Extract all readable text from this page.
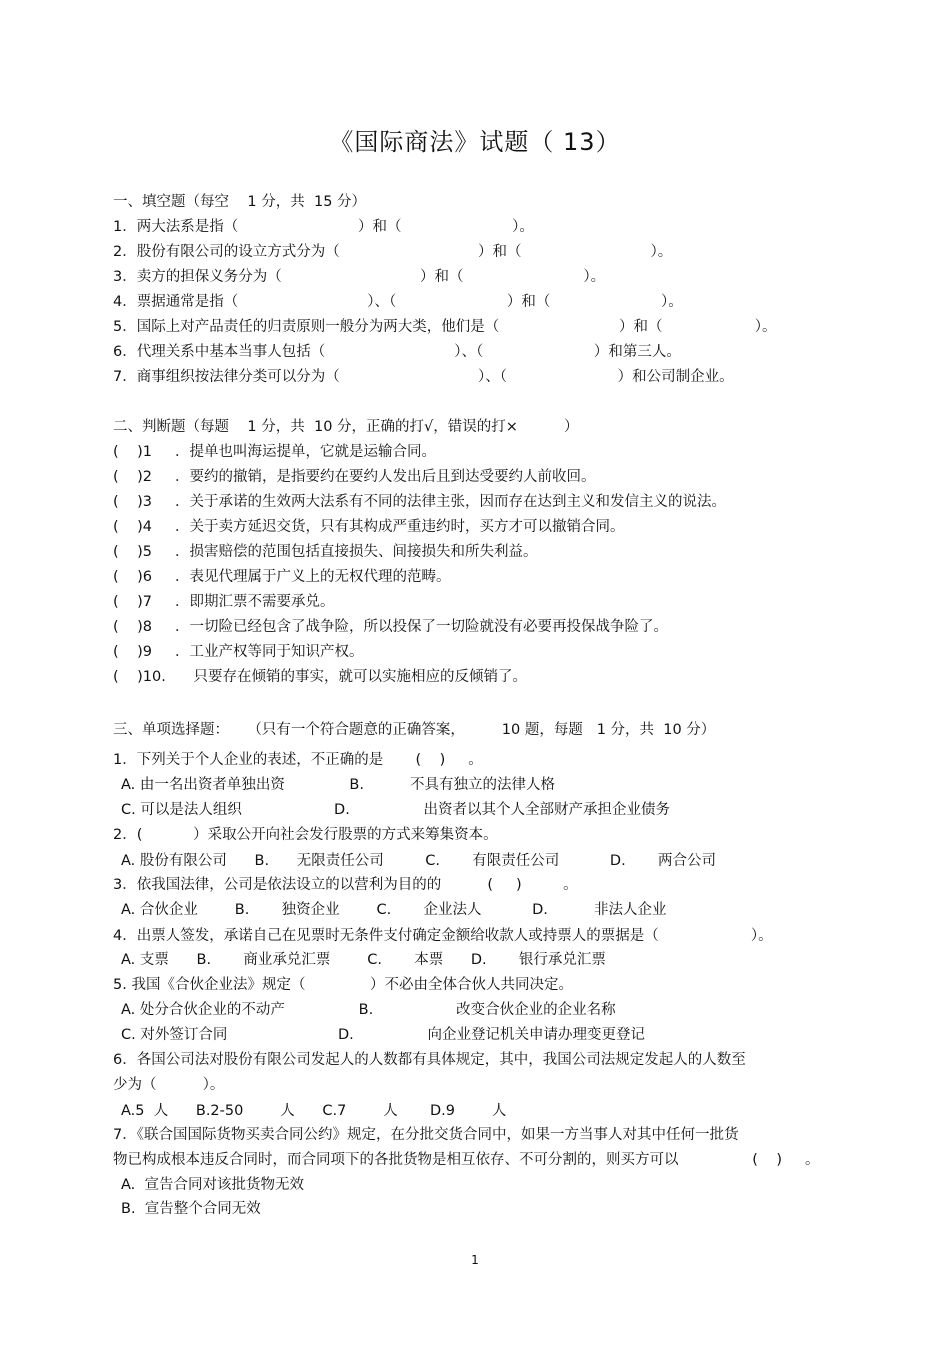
《国际商法》试题（ 13）
一、填空题（每空    1 分，共  15 分）
1．两大法系是指（                          ）和（                        ）。
2．股份有限公司的设立方式分为（                              ）和（                            ）。
3．卖方的担保义务分为（                              ）和（                          ）。
4．票据通常是指（                            ）、（                        ）和（                        ）。
5．国际上对产品责任的归责原则一般分为两大类，他们是（                          ）和（                    ）。
6．代理关系中基本当事人包括（                            ）、（                        ）和第三人。
7．商事组织按法律分类可以分为（                              ）、（                        ）和公司制企业。
二、判断题（每题    1 分，共  10 分，正确的打√，错误的打×          ）
(    )1     ．提单也叫海运提单，它就是运输合同。
(    )2     ．要约的撤销，是指要约在要约人发出后且到达受要约人前收回。
(    )3     ．关于承诺的生效两大法系有不同的法律主张，因而存在达到主义和发信主义的说法。
(    )4     ．关于卖方延迟交货，只有其构成严重违约时，买方才可以撤销合同。
(    )5     ．损害赔偿的范围包括直接损失、间接损失和所失利益。
(    )6     ．表见代理属于广义上的无权代理的范畴。
(    )7     ．即期汇票不需要承兑。
(    )8     ．一切险已经包含了战争险，所以投保了一切险就没有必要再投保战争险了。
(    )9     ．工业产权等同于知识产权。
(    )10.      只要存在倾销的事实，就可以实施相应的反倾销了。
三、单项选择题：    （只有一个符合题意的正确答案，        10 题，每题   1 分，共  10 分）
1．下列关于个人企业的表述，不正确的是       (    )     。
A. 由一名出资者单独出资              B.          不具有独立的法律人格
C. 可以是法人组织                    D.                出资者以其个人全部财产承担企业债务
2．(           ）采取公开向社会发行股票的方式来筹集资本。
A. 股份有限公司      B.      无限责任公司         C.       有限责任公司           D.       两合公司
3．依我国法律，公司是依法设立的以营利为目的的          (     )         。
A. 合伙企业        B.       独资企业        C.       企业法人           D.          非法人企业
4．出票人签发，承诺自己在见票时无条件支付确定金额给收款人或持票人的票据是（                    ）。
A. 支票      B.       商业承兑汇票        C.       本票      D.       银行承兑汇票
5. 我国《合伙企业法》规定（              ）不必由全体合伙人共同决定。
A. 处分合伙企业的不动产                B.                  改变合伙企业的企业名称
C. 对外签订合同                        D.                向企业登记机关申请办理变更登记
6．各国公司法对股份有限公司发起人的人数都有具体规定，其中，我国公司法规定发起人的人数至
少为（          ）。
A.5  人      B.2-50        人      C.7        人       D.9        人
7．《联合国国际货物买卖合同公约》规定，在分批交货合同中，如果一方当事人对其中任何一批货
物已构成根本违反合同时，而合同项下的各批货物是相互依存、不可分割的，则买方可以                (    )     。
A.  宣告合同对该批货物无效
B.  宣告整个合同无效
1
